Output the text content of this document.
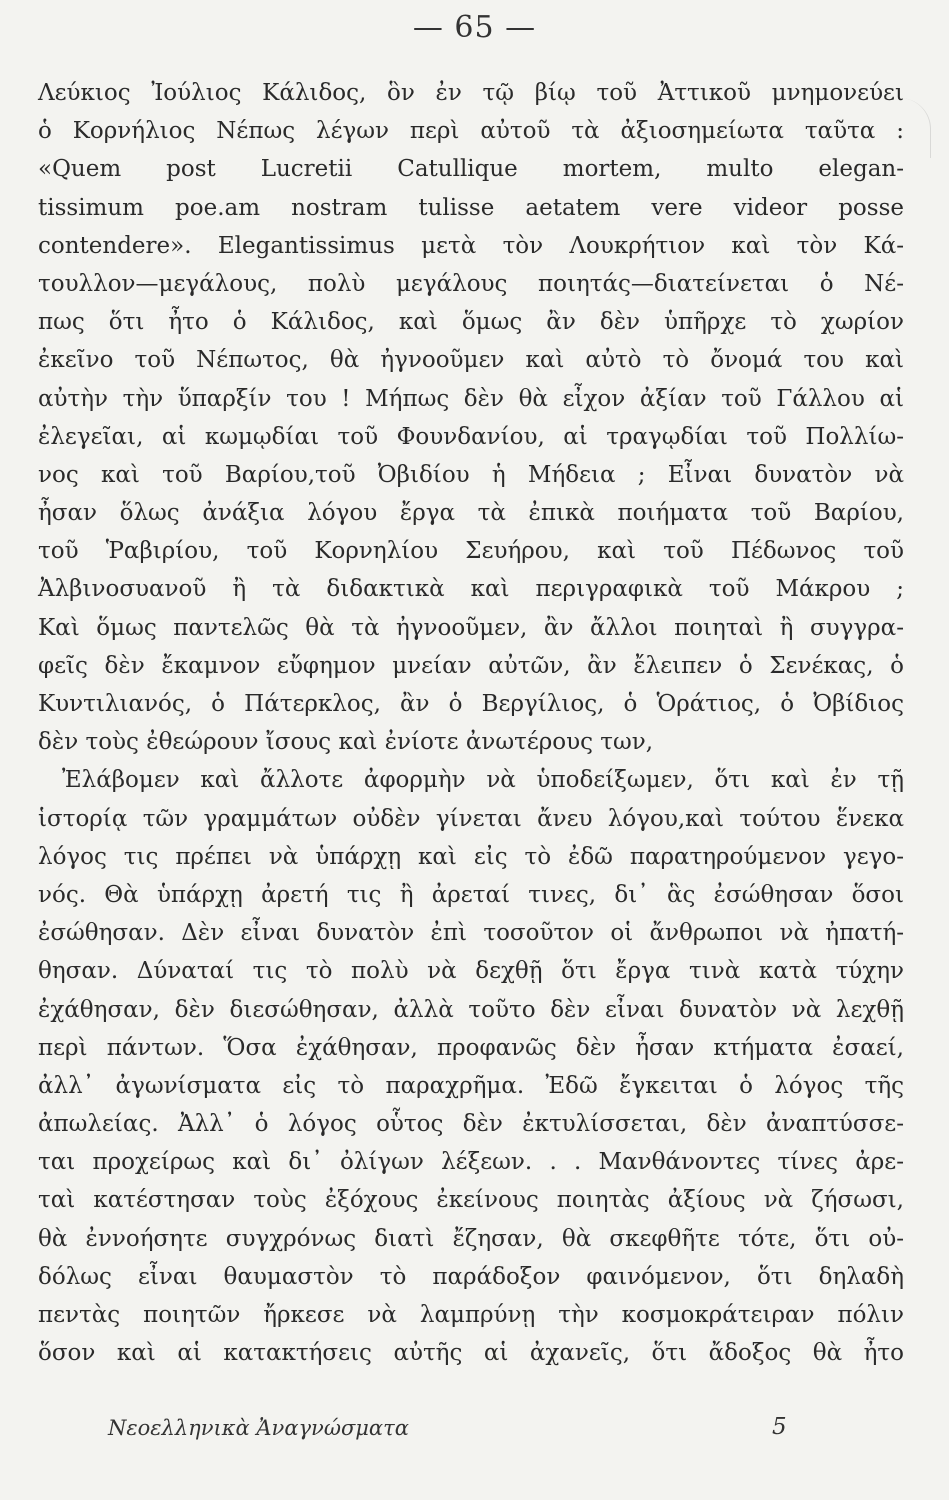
— 65 —
Λεύκιος Ἰούλιος Κάλιδος, ὃν ἐν τῷ βίῳ τοῦ Ἀττικοῦ μνημονεύει
ὁ Κορνήλιος Νέπως λέγων περὶ αὐτοῦ τὰ ἀξιοσημείωτα ταῦτα :
«Quem post Lucretii Catullique mortem, multo elegan-
tissimum poe.am nostram tulisse aetatem vere videor posse
contendere». Elegantissimus μετὰ τὸν Λουκρήτιον καὶ τὸν Κά-
τουλλον—μεγάλους, πολὺ μεγάλους ποιητάς—διατείνεται ὁ Νέ-
πως ὅτι ἦτο ὁ Κάλιδος, καὶ ὅμως ἂν δὲν ὑπῆρχε τὸ χωρίον
ἐκεῖνο τοῦ Νέπωτος, θὰ ἠγνοοῦμεν καὶ αὐτὸ τὸ ὄνομά του καὶ
αὐτὴν τὴν ὕπαρξίν του ! Μήπως δὲν θὰ εἶχον ἀξίαν τοῦ Γάλλου αἱ
ἐλεγεῖαι, αἱ κωμῳδίαι τοῦ Φουνδανίου, αἱ τραγῳδίαι τοῦ Πολλίω-
νος καὶ τοῦ Βαρίου,τοῦ Ὀβιδίου ἡ Μήδεια ; Εἶναι δυνατὸν νὰ
ἦσαν ὅλως ἀνάξια λόγου ἔργα τὰ ἐπικὰ ποιήματα τοῦ Βαρίου,
τοῦ Ῥαβιρίου, τοῦ Κορνηλίου Σευήρου, καὶ τοῦ Πέδωνος τοῦ
Ἀλβινοσυανοῦ ἢ τὰ διδακτικὰ καὶ περιγραφικὰ τοῦ Μάκρου ;
Καὶ ὅμως παντελῶς θὰ τὰ ἠγνοοῦμεν, ἂν ἄλλοι ποιηταὶ ἢ συγγρα-
φεῖς δὲν ἔκαμνον εὔφημον μνείαν αὐτῶν, ἂν ἔλειπεν ὁ Σενέκας, ὁ
Κυντιλιανός, ὁ Πάτερκλος, ἂν ὁ Βεργίλιος, ὁ Ὁράτιος, ὁ Ὀβίδιος
δὲν τοὺς ἐθεώρουν ἴσους καὶ ἐνίοτε ἀνωτέρους των,
Ἐλάβομεν καὶ ἄλλοτε ἀφορμὴν νὰ ὑποδείξωμεν, ὅτι καὶ ἐν τῇ
ἱστορίᾳ τῶν γραμμάτων οὐδὲν γίνεται ἄνευ λόγου,καὶ τούτου ἕνεκα
λόγος τις πρέπει νὰ ὑπάρχῃ καὶ εἰς τὸ ἐδῶ παρατηρούμενον γεγο-
νός. Θὰ ὑπάρχῃ ἀρετή τις ἢ ἀρεταί τινες, δι᾽ ἃς ἐσώθησαν ὅσοι
ἐσώθησαν. Δὲν εἶναι δυνατὸν ἐπὶ τοσοῦτον οἱ ἄνθρωποι νὰ ἠπατή-
θησαν. Δύναταί τις τὸ πολὺ νὰ δεχθῇ ὅτι ἔργα τινὰ κατὰ τύχην
ἐχάθησαν, δὲν διεσώθησαν, ἀλλὰ τοῦτο δὲν εἶναι δυνατὸν νὰ λεχθῇ
περὶ πάντων. Ὅσα ἐχάθησαν, προφανῶς δὲν ἦσαν κτήματα ἐσαεί,
ἀλλ᾽ ἀγωνίσματα εἰς τὸ παραχρῆμα. Ἐδῶ ἔγκειται ὁ λόγος τῆς
ἀπωλείας. Ἀλλ᾽ ὁ λόγος οὗτος δὲν ἐκτυλίσσεται, δὲν ἀναπτύσσε-
ται προχείρως καὶ δι᾽ ὀλίγων λέξεων. . . Μανθάνοντες τίνες ἀρε-
ταὶ κατέστησαν τοὺς ἐξόχους ἐκείνους ποιητὰς ἀξίους νὰ ζήσωσι,
θὰ ἐννοήσητε συγχρόνως διατὶ ἔζησαν, θὰ σκεφθῆτε τότε, ὅτι οὐ-
δόλως εἶναι θαυμαστὸν τὸ παράδοξον φαινόμενον, ὅτι δηλαδὴ
πεντὰς ποιητῶν ἤρκεσε νὰ λαμπρύνῃ τὴν κοσμοκράτειραν πόλιν
ὅσον καὶ αἱ κατακτήσεις αὐτῆς αἱ ἀχανεῖς, ὅτι ἄδοξος θὰ ἦτο
Νεοελληνικὰ Ἀναγνώσματα	5
